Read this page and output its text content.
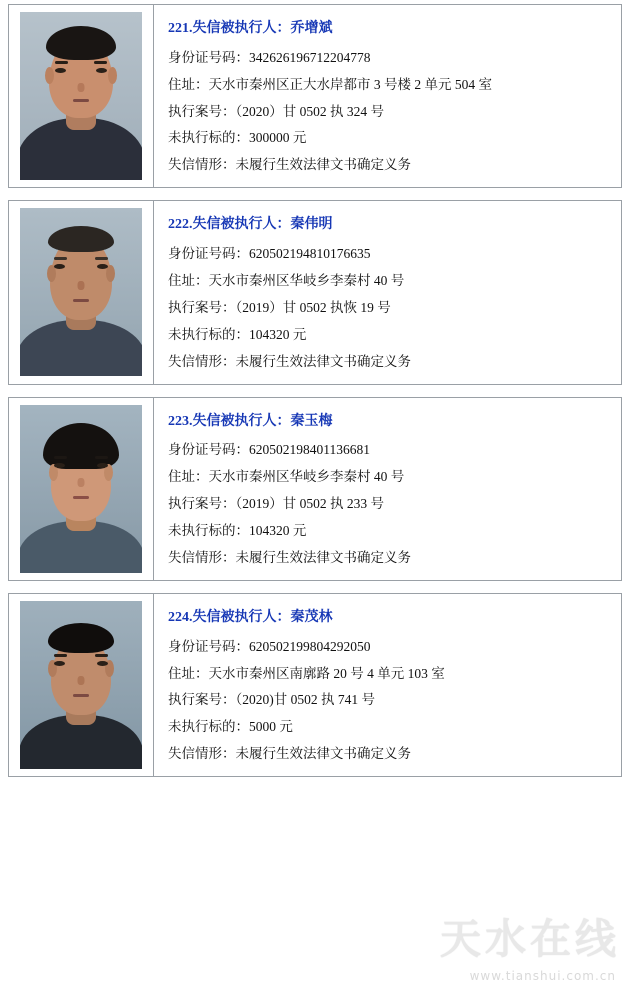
221.失信被执行人：乔增斌
身份证号码：342626196712204778
住址：天水市秦州区正大水岸都市 3 号楼 2 单元 504 室
执行案号：（2020）甘 0502 执 324 号
未执行标的：300000 元
失信情形：未履行生效法律文书确定义务
222.失信被执行人：秦伟明
身份证号码：620502194810176635
住址：天水市秦州区华岐乡李秦村 40 号
执行案号：（2019）甘 0502 执恢 19 号
未执行标的：104320 元
失信情形：未履行生效法律文书确定义务
223.失信被执行人：秦玉梅
身份证号码：620502198401136681
住址：天水市秦州区华岐乡李秦村 40 号
执行案号：（2019）甘 0502 执 233 号
未执行标的：104320 元
失信情形：未履行生效法律文书确定义务
224.失信被执行人：秦茂林
身份证号码：620502199804292050
住址：天水市秦州区南廓路 20 号 4 单元 103 室
执行案号：（2020)甘 0502 执 741 号
未执行标的：5000 元
失信情形：未履行生效法律文书确定义务
天水在线
www.tianshui.com.cn
